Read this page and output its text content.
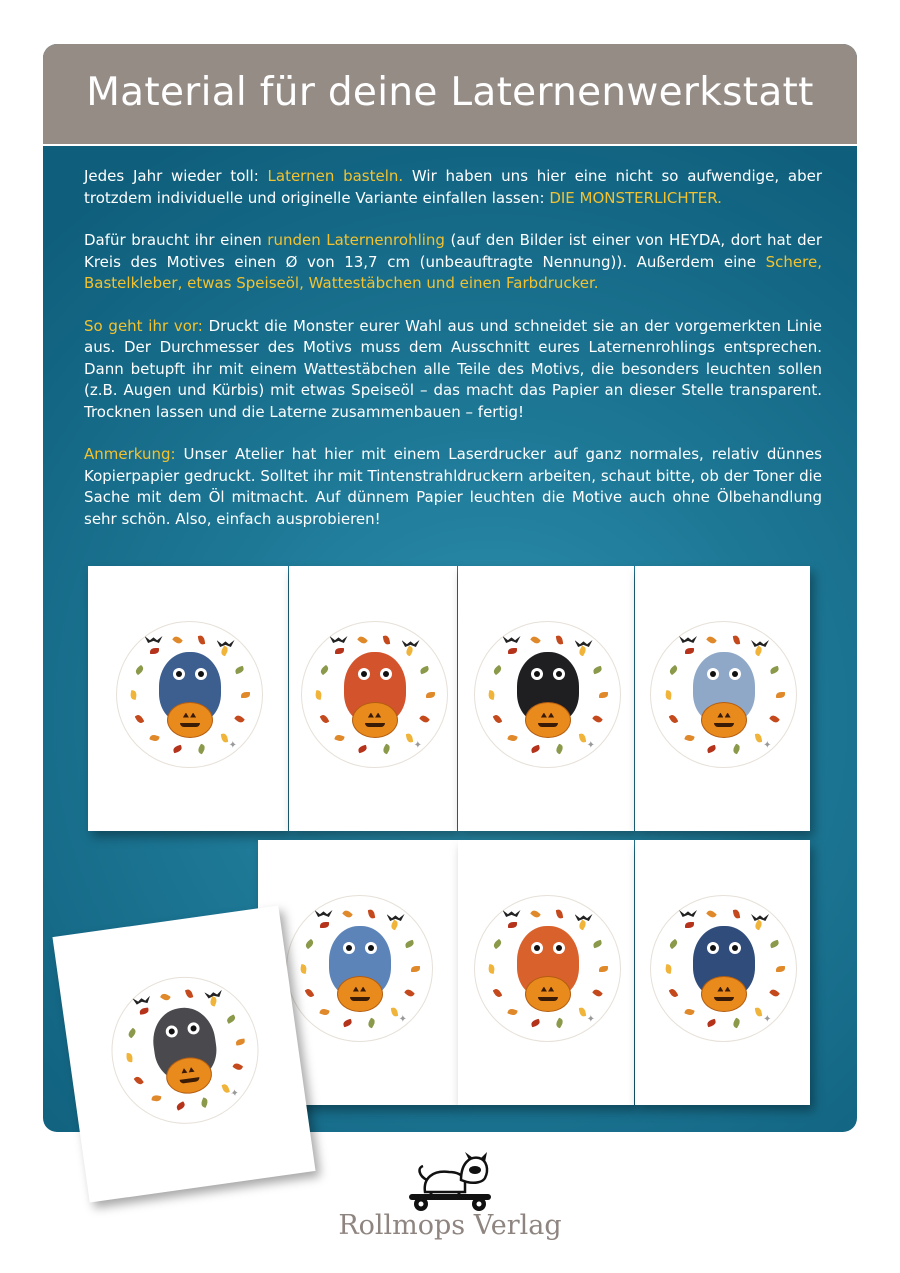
Material für deine Laternenwerkstatt

Jedes Jahr wieder toll: Laternen basteln. Wir haben uns hier eine nicht so aufwendige, aber trotzdem individuelle und originelle Variante einfallen lassen: DIE MONSTERLICHTER.

Dafür braucht ihr einen runden Laternenrohling (auf den Bilder ist einer von HEYDA, dort hat der Kreis des Motives einen Ø von 13,7 cm (unbeauftragte Nennung)). Außerdem eine Schere, Bastelkleber, etwas Speiseöl, Wattestäbchen und einen Farbdrucker.

So geht ihr vor: Druckt die Monster eurer Wahl aus und schneidet sie an der vorgemerkten Linie aus. Der Durchmesser des Motivs muss dem Ausschnitt eures Laternenrohlings entsprechen. Dann betupft ihr mit einem Wattestäbchen alle Teile des Motivs, die besonders leuchten sollen (z.B. Augen und Kürbis) mit etwas Speiseöl – das macht das Papier an dieser Stelle transparent. Trocknen lassen und die Laterne zusammenbauen – fertig!

Anmerkung: Unser Atelier hat hier mit einem Laserdrucker auf ganz normales, relativ dünnes Kopierpapier gedruckt. Solltet ihr mit Tintenstrahldruckern arbeiten, schaut bitte, ob der Toner die Sache mit dem Öl mitmacht. Auf dünnem Papier leuchten die Motive auch ohne Ölbehandlung sehr schön. Also, einfach ausprobieren!

✦	✦	✦	✦
✦	✦	✦
✦
Rollmops Verlag
